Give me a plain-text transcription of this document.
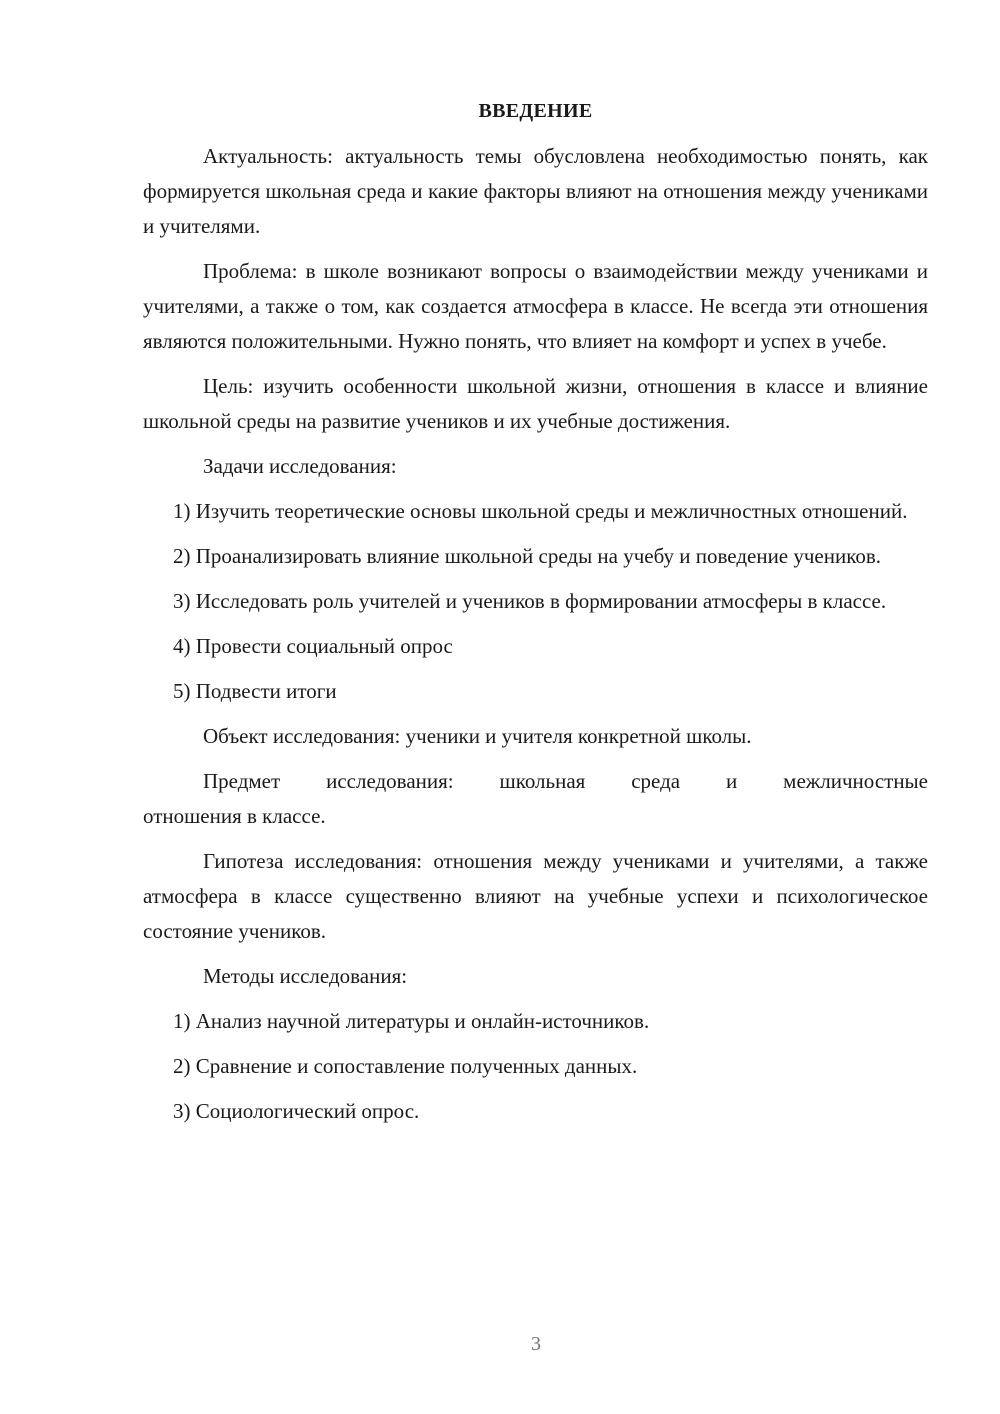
ВВЕДЕНИЕ

Актуальность: актуальность темы обусловлена необходимостью понять, как формируется школьная среда и какие факторы влияют на отношения между учениками и учителями.

Проблема: в школе возникают вопросы о взаимодействии между учениками и учителями, а также о том, как создается атмосфера в классе. Не всегда эти отношения являются положительными. Нужно понять, что влияет на комфорт и успех в учебе.

Цель: изучить особенности школьной жизни, отношения в классе и влияние школьной среды на развитие учеников и их учебные достижения.

Задачи исследования:

1) Изучить теоретические основы школьной среды и межличностных отношений.

2) Проанализировать влияние школьной среды на учебу и поведение учеников.

3) Исследовать роль учителей и учеников в формировании атмосферы в классе.

4) Провести социальный опрос

5) Подвести итоги

Объект исследования: ученики и учителя конкретной школы.

Предмет исследования: школьная среда и межличностные
отношения в классе.

Гипотеза исследования: отношения между учениками и учителями, а также атмосфера в классе существенно влияют на учебные успехи и психологическое состояние учеников.

Методы исследования:

1) Анализ научной литературы и онлайн-источников.

2) Сравнение и сопоставление полученных данных.

3) Социологический опрос.

3
